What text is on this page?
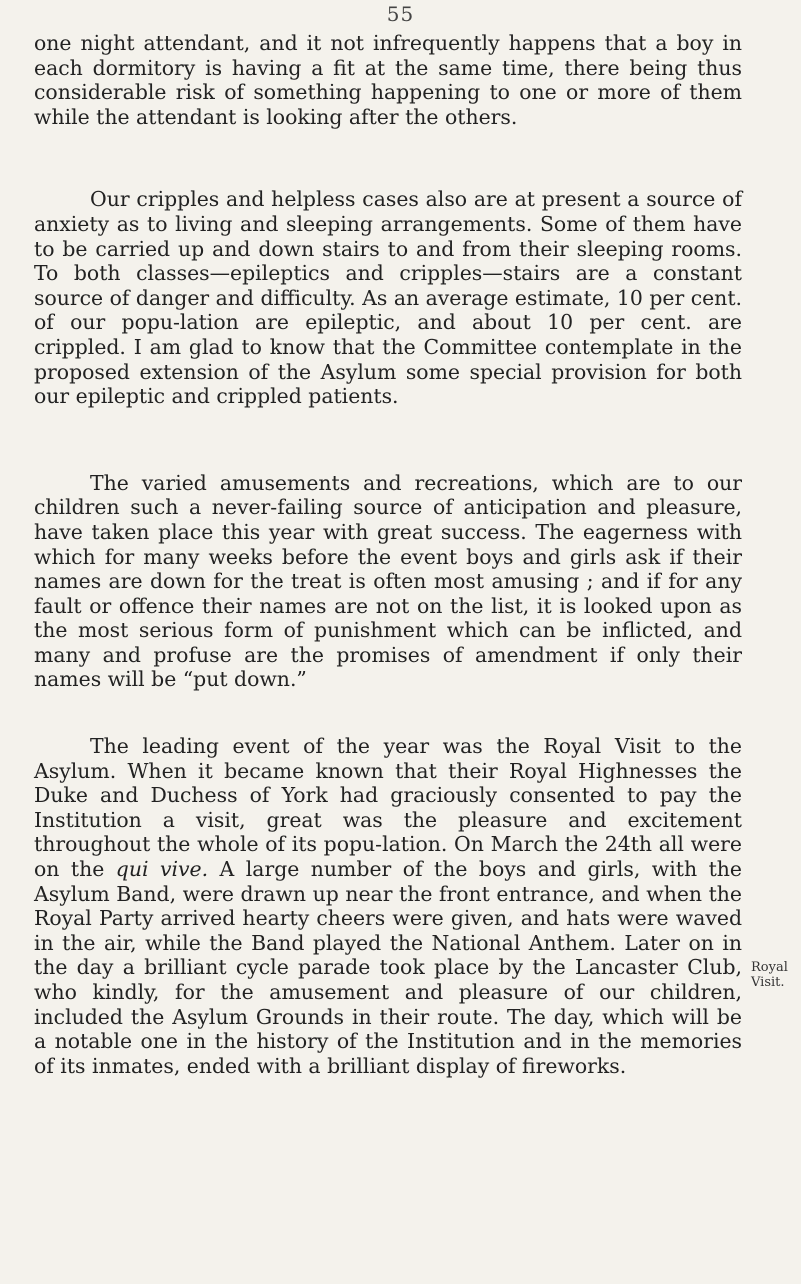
55

one night attendant, and it not infrequently happens that a boy in each dormitory is having a fit at the same time, there being thus considerable risk of something happening to one or more of them while the attendant is looking after the others.

Our cripples and helpless cases also are at present a source of anxiety as to living and sleeping arrangements. Some of them have to be carried up and down stairs to and from their sleeping rooms. To both classes—epileptics and cripples—stairs are a constant source of danger and difficulty. As an average estimate, 10 per cent. of our popu-lation are epileptic, and about 10 per cent. are crippled. I am glad to know that the Committee contemplate in the proposed extension of the Asylum some special provision for both our epileptic and crippled patients.

The varied amusements and recreations, which are to our children such a never-failing source of anticipation and pleasure, have taken place this year with great success. The eagerness with which for many weeks before the event boys and girls ask if their names are down for the treat is often most amusing ; and if for any fault or offence their names are not on the list, it is looked upon as the most serious form of punishment which can be inflicted, and many and profuse are the promises of amendment if only their names will be “put down.”

The leading event of the year was the Royal Visit to the Asylum. When it became known that their Royal Highnesses the Duke and Duchess of York had graciously consented to pay the Institution a visit, great was the pleasure and excitement throughout the whole of its popu-lation. On March the 24th all were on the qui vive. A large number of the boys and girls, with the Asylum Band, were drawn up near the front entrance, and when the Royal Party arrived hearty cheers were given, and hats were waved in the air, while the Band played the National Anthem. Later on in the day a brilliant cycle parade took place by the Lancaster Club, who kindly, for the amusement and pleasure of our children, included the Asylum Grounds in their route. The day, which will be a notable one in the history of the Institution and in the memories of its inmates, ended with a brilliant display of fireworks.

Royal Visit.
